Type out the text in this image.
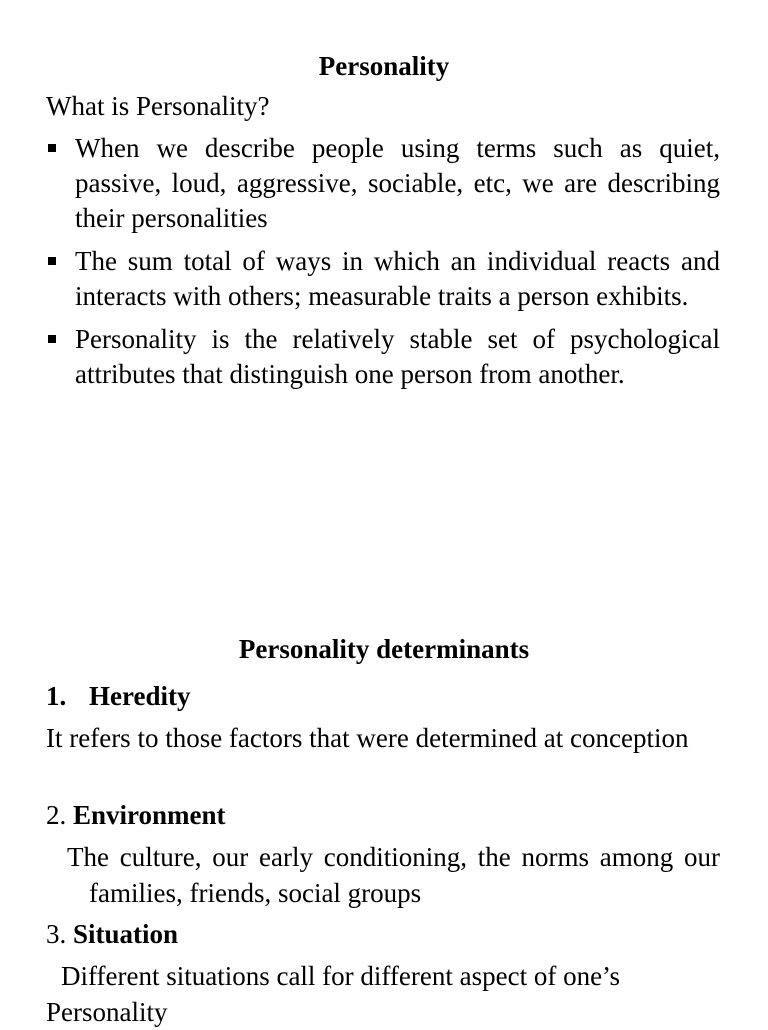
Personality
What is Personality?
When we describe people using terms such as quiet, passive, loud, aggressive, sociable, etc, we are describing their personalities
The sum total of ways in which an individual reacts and interacts with others; measurable traits a person exhibits.
Personality is the relatively stable set of psychological attributes that distinguish one person from another.
Personality determinants
1. Heredity
It refers to those factors that were determined at conception
2. Environment
The culture, our early conditioning, the norms among our families, friends, social groups
3. Situation
Different situations call for different aspect of one’s
Personality
